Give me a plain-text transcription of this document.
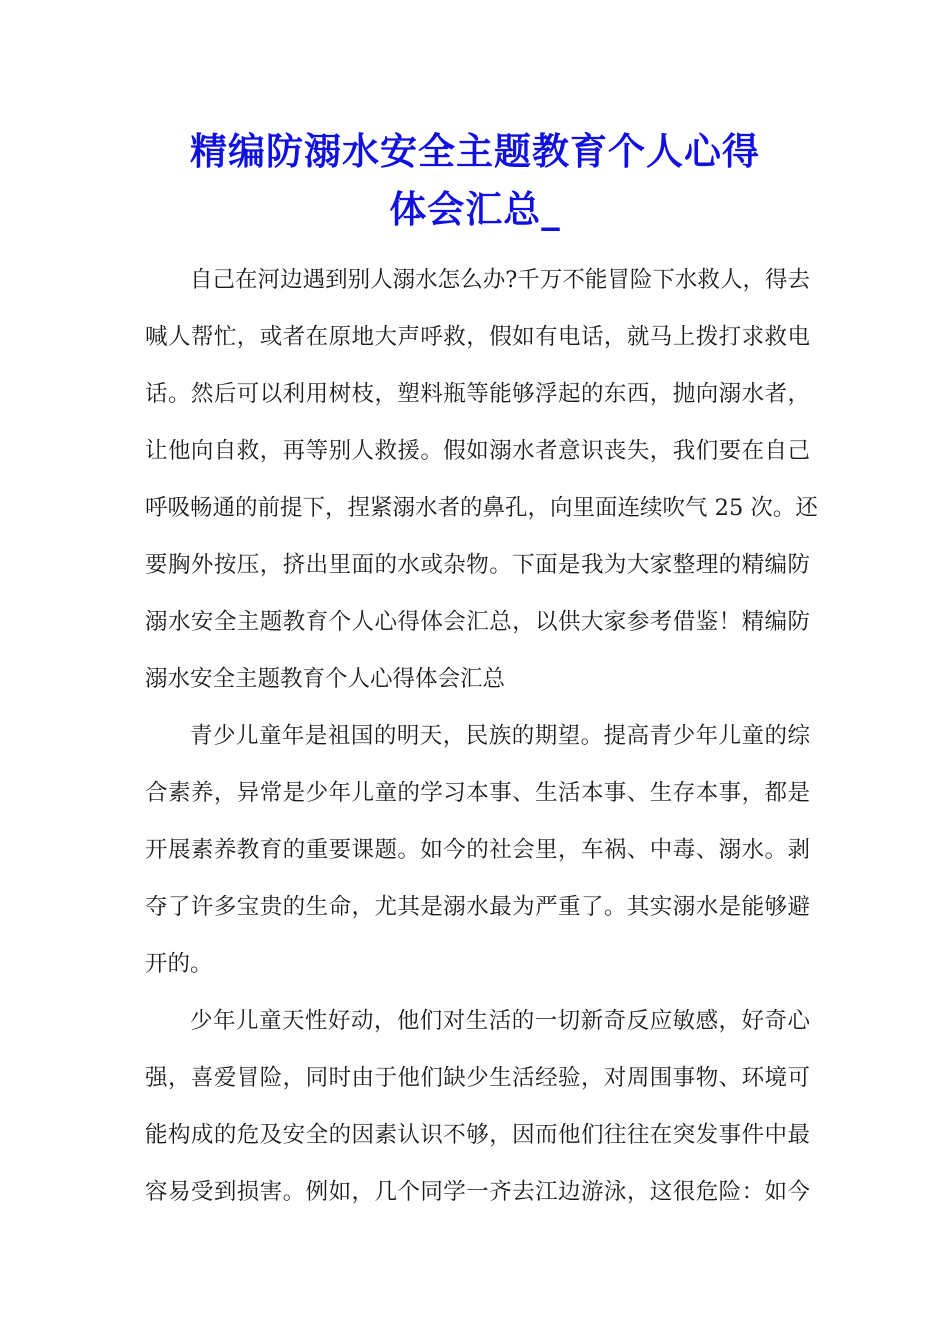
精编防溺水安全主题教育个人心得
体会汇总_
自己在河边遇到别人溺水怎么办?千万不能冒险下水救人，得去
喊人帮忙，或者在原地大声呼救，假如有电话，就马上拨打求救电
话。然后可以利用树枝，塑料瓶等能够浮起的东西，抛向溺水者，
让他向自救，再等别人救援。假如溺水者意识丧失，我们要在自己
呼吸畅通的前提下，捏紧溺水者的鼻孔，向里面连续吹气 25 次。还
要胸外按压，挤出里面的水或杂物。下面是我为大家整理的精编防
溺水安全主题教育个人心得体会汇总，以供大家参考借鉴！精编防
溺水安全主题教育个人心得体会汇总
青少儿童年是祖国的明天，民族的期望。提高青少年儿童的综
合素养，异常是少年儿童的学习本事、生活本事、生存本事，都是
开展素养教育的重要课题。如今的社会里，车祸、中毒、溺水。剥
夺了许多宝贵的生命，尤其是溺水最为严重了。其实溺水是能够避
开的。
少年儿童天性好动，他们对生活的一切新奇反应敏感，好奇心
强，喜爱冒险，同时由于他们缺少生活经验，对周围事物、环境可
能构成的危及安全的因素认识不够，因而他们往往在突发事件中最
容易受到损害。例如，几个同学一齐去江边游泳，这很危险：如今
